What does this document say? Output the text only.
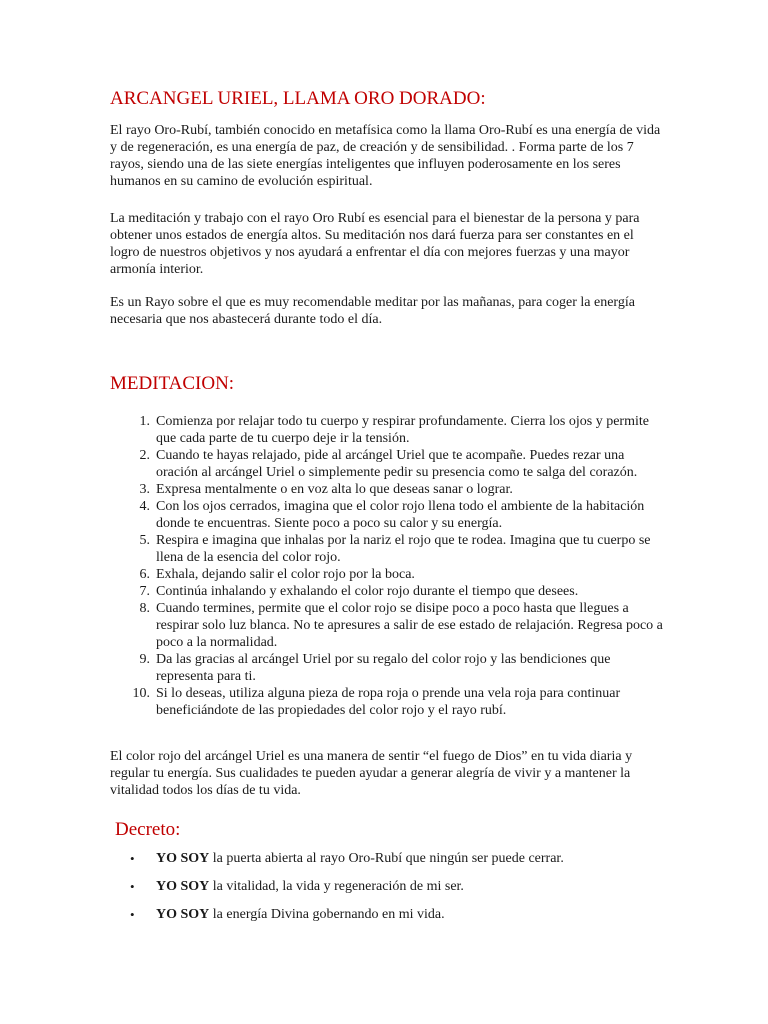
ARCANGEL URIEL, LLAMA ORO DORADO:

El rayo Oro-Rubí, también conocido en metafísica como la llama Oro-Rubí es una energía de vida y de regeneración, es una energía de paz, de creación y de sensibilidad. . Forma parte de los 7 rayos, siendo una de las siete energías inteligentes que influyen poderosamente en los seres humanos en su camino de evolución espiritual.

La meditación y trabajo con el rayo Oro Rubí es esencial para el bienestar de la persona y para obtener unos estados de energía altos. Su meditación nos dará fuerza para ser constantes en el logro de nuestros objetivos y nos ayudará a enfrentar el día con mejores fuerzas y una mayor armonía interior.

Es un Rayo sobre el que es muy recomendable meditar por las mañanas, para coger la energía necesaria que nos abastecerá durante todo el día.

MEDITACION:
1. Comienza por relajar todo tu cuerpo y respirar profundamente. Cierra los ojos y permite que cada parte de tu cuerpo deje ir la tensión.
2. Cuando te hayas relajado, pide al arcángel Uriel que te acompañe. Puedes rezar una oración al arcángel Uriel o simplemente pedir su presencia como te salga del corazón.
3. Expresa mentalmente o en voz alta lo que deseas sanar o lograr.
4. Con los ojos cerrados, imagina que el color rojo llena todo el ambiente de la habitación donde te encuentras. Siente poco a poco su calor y su energía.
5. Respira e imagina que inhalas por la nariz el rojo que te rodea. Imagina que tu cuerpo se llena de la esencia del color rojo.
6. Exhala, dejando salir el color rojo por la boca.
7. Continúa inhalando y exhalando el color rojo durante el tiempo que desees.
8. Cuando termines, permite que el color rojo se disipe poco a poco hasta que llegues a respirar solo luz blanca. No te apresures a salir de ese estado de relajación. Regresa poco a poco a la normalidad.
9. Da las gracias al arcángel Uriel por su regalo del color rojo y las bendiciones que representa para ti.
10. Si lo deseas, utiliza alguna pieza de ropa roja o prende una vela roja para continuar beneficiándote de las propiedades del color rojo y el rayo rubí.

El color rojo del arcángel Uriel es una manera de sentir “el fuego de Dios” en tu vida diaria y regular tu energía. Sus cualidades te pueden ayudar a generar alegría de vivir y a mantener la vitalidad todos los días de tu vida.

Decreto:
• YO SOY la puerta abierta al rayo Oro-Rubí que ningún ser puede cerrar.
• YO SOY la vitalidad, la vida y regeneración de mi ser.
• YO SOY la energía Divina gobernando en mi vida.
